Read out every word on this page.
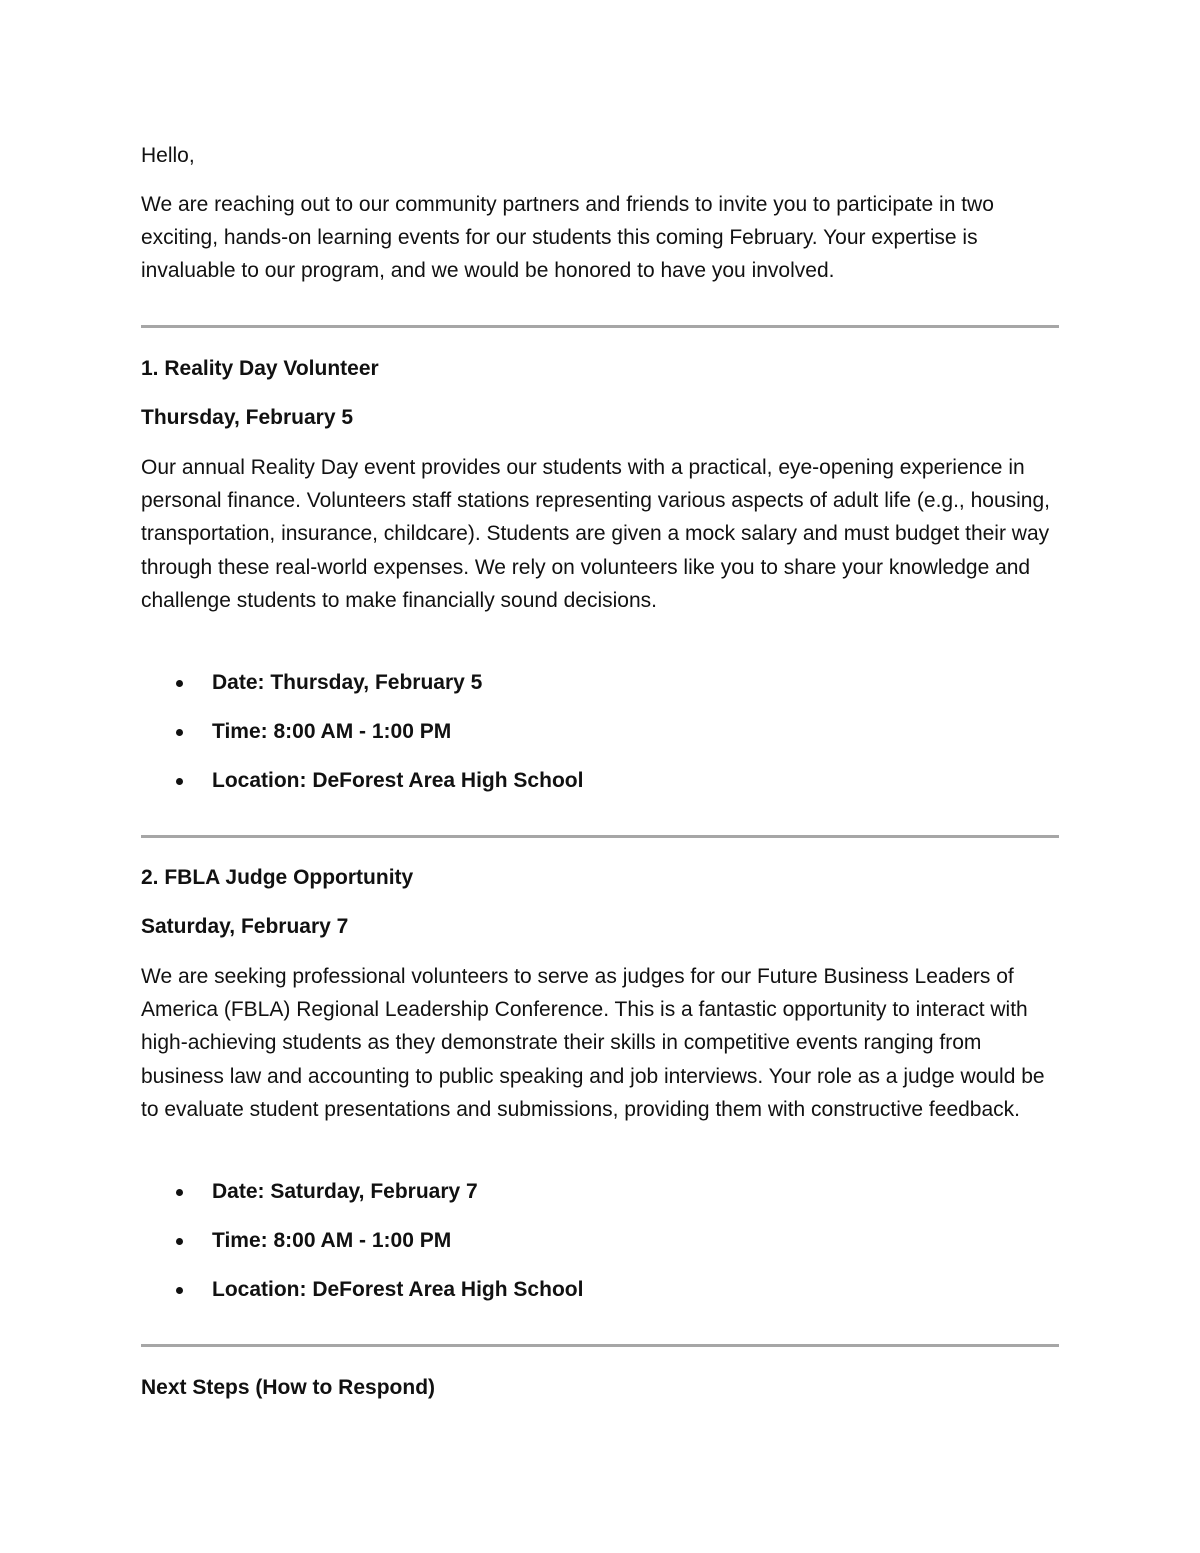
Hello,

We are reaching out to our community partners and friends to invite you to participate in two exciting, hands-on learning events for our students this coming February. Your expertise is invaluable to our program, and we would be honored to have you involved.

1. Reality Day Volunteer
Thursday, February 5

Our annual Reality Day event provides our students with a practical, eye-opening experience in personal finance. Volunteers staff stations representing various aspects of adult life (e.g., housing, transportation, insurance, childcare). Students are given a mock salary and must budget their way through these real-world expenses. We rely on volunteers like you to share your knowledge and challenge students to make financially sound decisions.

Date: Thursday, February 5
Time: 8:00 AM - 1:00 PM
Location: DeForest Area High School
2. FBLA Judge Opportunity
Saturday, February 7

We are seeking professional volunteers to serve as judges for our Future Business Leaders of America (FBLA) Regional Leadership Conference. This is a fantastic opportunity to interact with high-achieving students as they demonstrate their skills in competitive events ranging from business law and accounting to public speaking and job interviews. Your role as a judge would be to evaluate student presentations and submissions, providing them with constructive feedback.

Date: Saturday, February 7
Time: 8:00 AM - 1:00 PM
Location: DeForest Area High School
Next Steps (How to Respond)
